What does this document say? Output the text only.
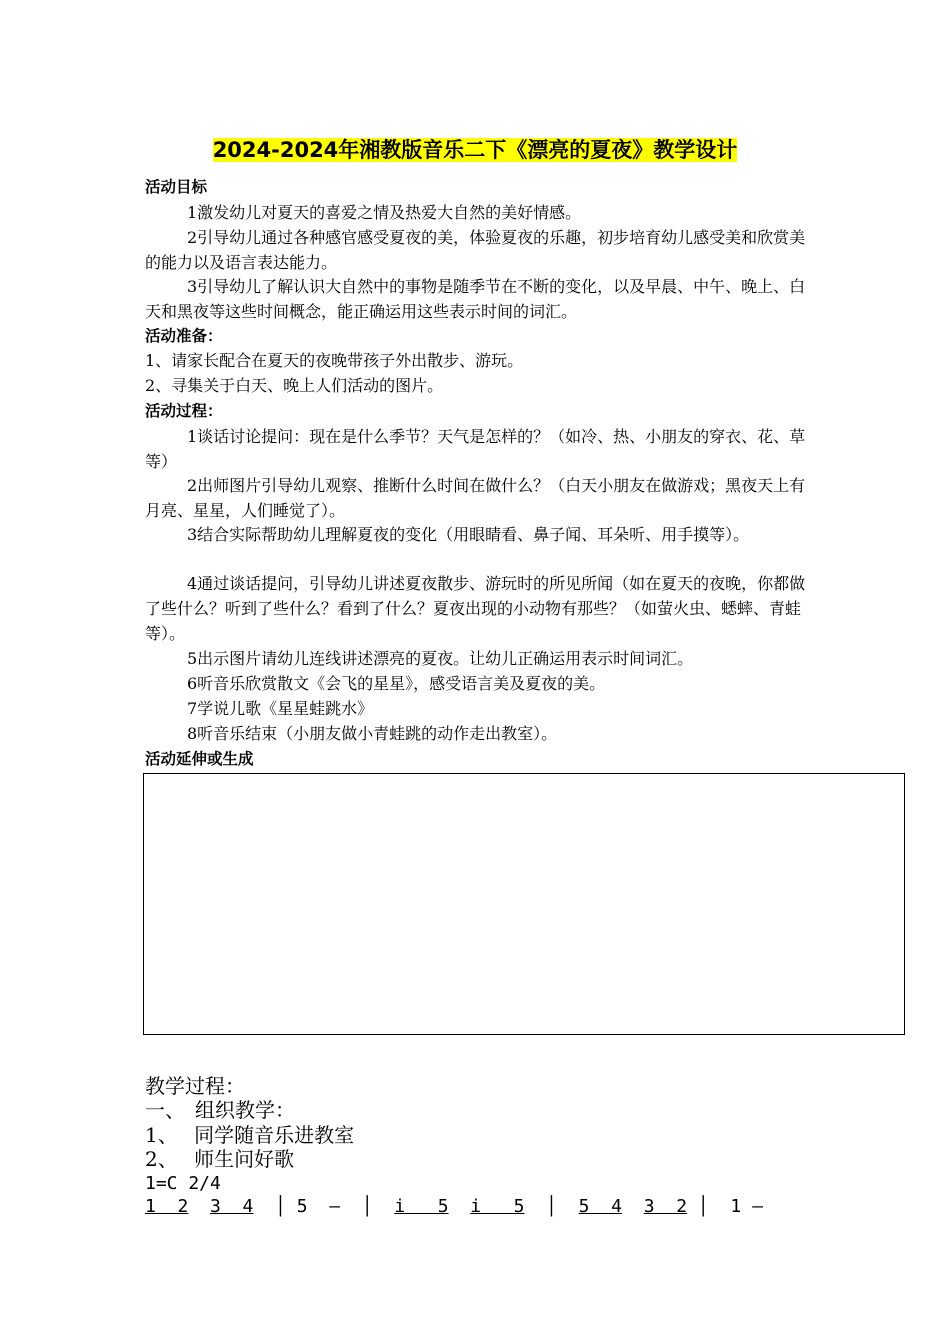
2024-2024年湘教版音乐二下《漂亮的夏夜》教学设计
活动目标
1激发幼儿对夏天的喜爱之情及热爱大自然的美好情感。
2引导幼儿通过各种感官感受夏夜的美，体验夏夜的乐趣，初步培育幼儿感受美和欣赏美的能力以及语言表达能力。
3引导幼儿了解认识大自然中的事物是随季节在不断的变化，以及早晨、中午、晚上、白天和黑夜等这些时间概念，能正确运用这些表示时间的词汇。
活动准备：
1、请家长配合在夏天的夜晚带孩子外出散步、游玩。
2、寻集关于白天、晚上人们活动的图片。
活动过程：
1谈话讨论提问：现在是什么季节？天气是怎样的？（如冷、热、小朋友的穿衣、花、草等）
2出师图片引导幼儿观察、推断什么时间在做什么？（白天小朋友在做游戏；黑夜天上有月亮、星星，人们睡觉了）。
3结合实际帮助幼儿理解夏夜的变化（用眼睛看、鼻子闻、耳朵听、用手摸等）。
4通过谈话提问，引导幼儿讲述夏夜散步、游玩时的所见所闻（如在夏天的夜晚，你都做了些什么？听到了些什么？看到了什么？夏夜出现的小动物有那些？（如萤火虫、蟋蟀、青蛙等）。
5出示图片请幼儿连线讲述漂亮的夏夜。让幼儿正确运用表示时间词汇。
6听音乐欣赏散文《会飞的星星》，感受语言美及夏夜的美。
7学说儿歌《星星蛙跳水》
8听音乐结束（小朋友做小青蛙跳的动作走出教室）。
活动延伸或生成
教学过程：
一、　组织教学：
1、　 同学随音乐进教室
2、　 师生问好歌
1=C 2/4
1  2 3  4 │ 5  — │ i   5 i   5 │ 5  4 3  2 │ 1 —
